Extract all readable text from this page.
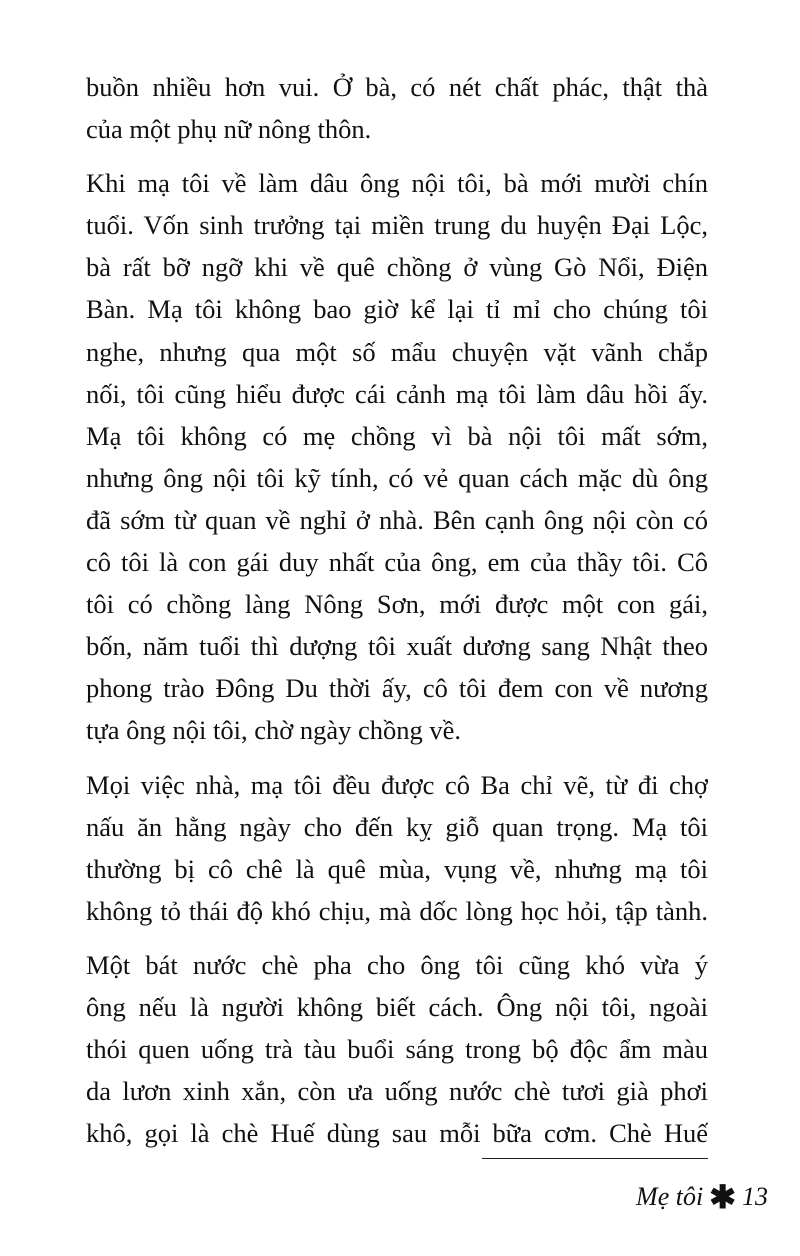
buồn nhiều hơn vui. Ở bà, có nét chất phác, thật thà
của một phụ nữ nông thôn.
Khi mạ tôi về làm dâu ông nội tôi, bà mới mười chín
tuổi. Vốn sinh trưởng tại miền trung du huyện Đại Lộc,
bà rất bỡ ngỡ khi về quê chồng ở vùng Gò Nổi, Điện
Bàn. Mạ tôi không bao giờ kể lại tỉ mỉ cho chúng tôi
nghe, nhưng qua một số mẩu chuyện vặt vãnh chắp
nối, tôi cũng hiểu được cái cảnh mạ tôi làm dâu hồi ấy.
Mạ tôi không có mẹ chồng vì bà nội tôi mất sớm,
nhưng ông nội tôi kỹ tính, có vẻ quan cách mặc dù ông
đã sớm từ quan về nghỉ ở nhà. Bên cạnh ông nội còn có
cô tôi là con gái duy nhất của ông, em của thầy tôi. Cô
tôi có chồng làng Nông Sơn, mới được một con gái,
bốn, năm tuổi thì dượng tôi xuất dương sang Nhật theo
phong trào Đông Du thời ấy, cô tôi đem con về nương
tựa ông nội tôi, chờ ngày chồng về.
Mọi việc nhà, mạ tôi đều được cô Ba chỉ vẽ, từ đi chợ
nấu ăn hằng ngày cho đến kỵ giỗ quan trọng. Mạ tôi
thường bị cô chê là quê mùa, vụng về, nhưng mạ tôi
không tỏ thái độ khó chịu, mà dốc lòng học hỏi, tập tành.
Một bát nước chè pha cho ông tôi cũng khó vừa ý
ông nếu là người không biết cách. Ông nội tôi, ngoài
thói quen uống trà tàu buổi sáng trong bộ độc ẩm màu
da lươn xinh xắn, còn ưa uống nước chè tươi già phơi
khô, gọi là chè Huế dùng sau mỗi bữa cơm. Chè Huế
Mẹ tôi ✱ 13
